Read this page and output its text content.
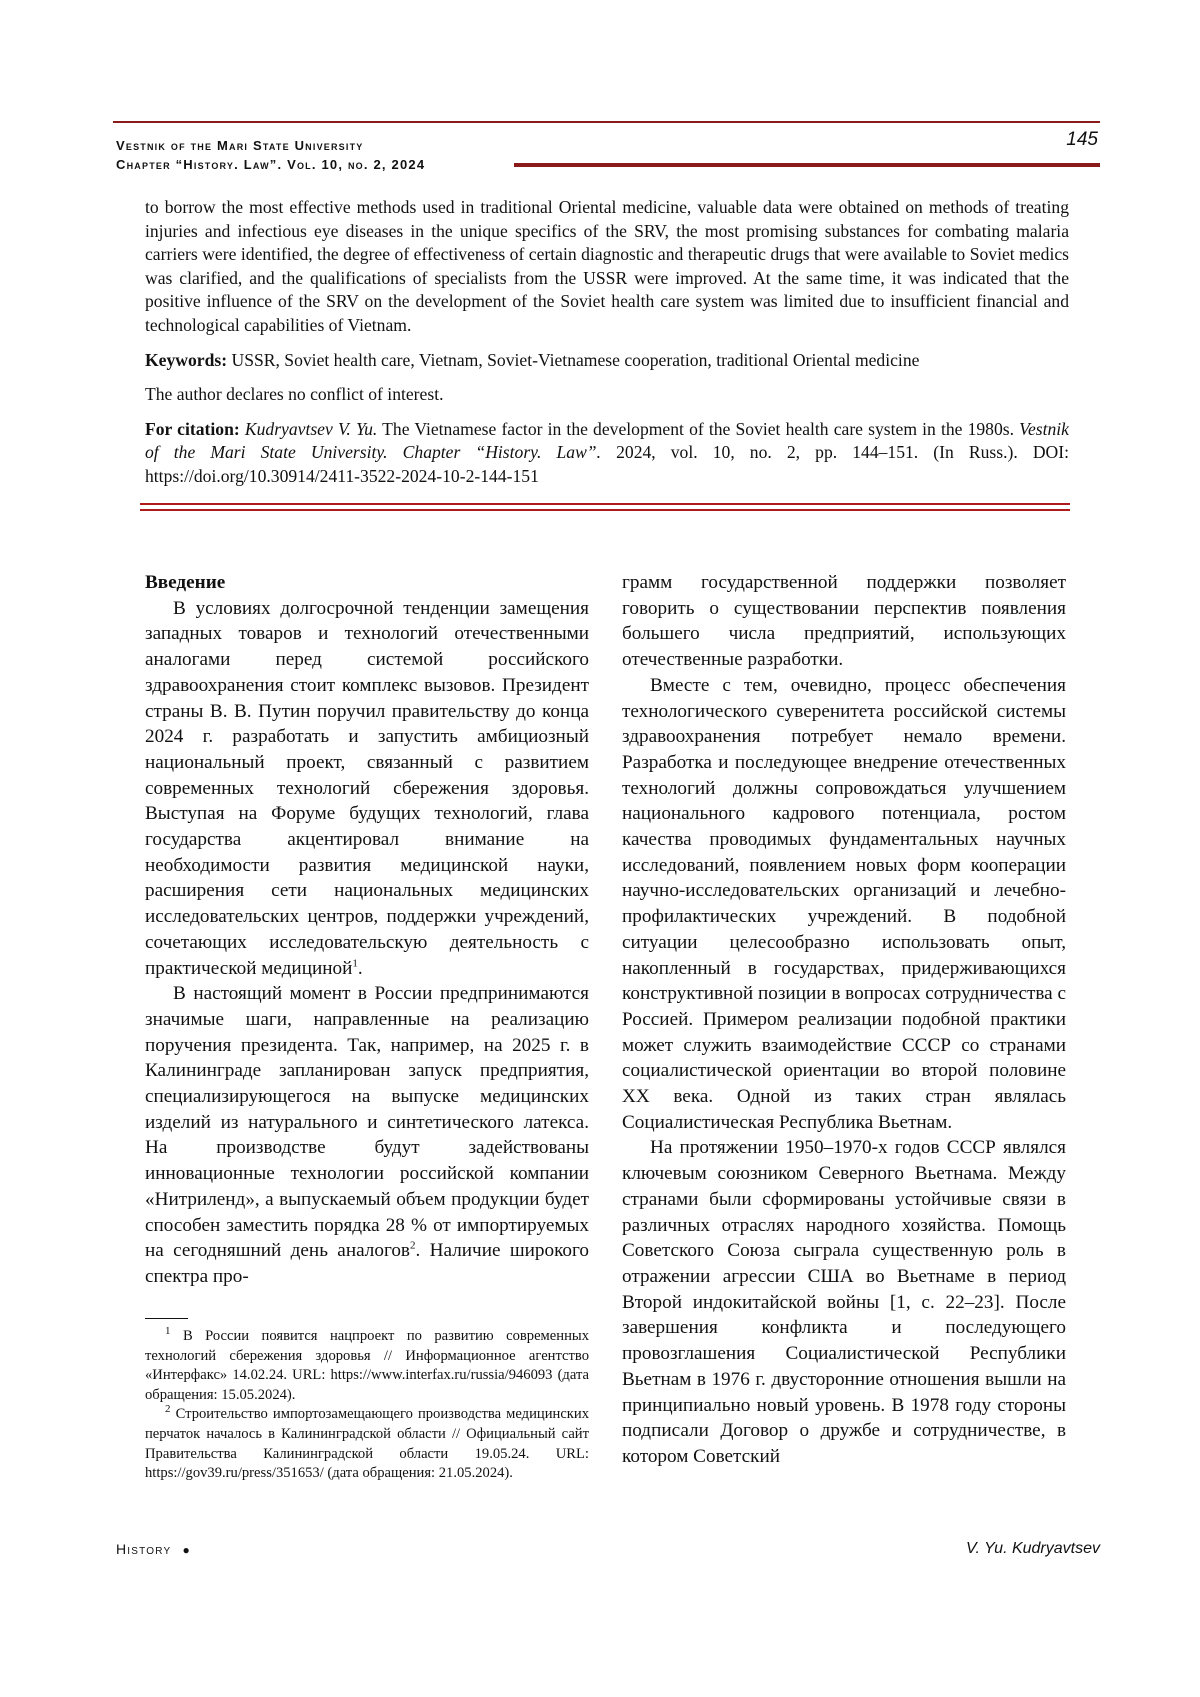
Vestnik of the Mari State University
Chapter “History. Law”. Vol. 10, no. 2, 2024
145

to borrow the most effective methods used in traditional Oriental medicine, valuable data were obtained on methods of treating injuries and infectious eye diseases in the unique specifics of the SRV, the most promising substances for combating malaria carriers were identified, the degree of effectiveness of certain diagnostic and therapeutic drugs that were available to Soviet medics was clarified, and the qualifications of specialists from the USSR were improved. At the same time, it was indicated that the positive influence of the SRV on the development of the Soviet health care system was limited due to insufficient financial and technological capabilities of Vietnam.

Keywords: USSR, Soviet health care, Vietnam, Soviet-Vietnamese cooperation, traditional Oriental medicine

The author declares no conflict of interest.

For citation: Kudryavtsev V. Yu. The Vietnamese factor in the development of the Soviet health care system in the 1980s. Vestnik of the Mari State University. Chapter “History. Law”. 2024, vol. 10, no. 2, pp. 144–151. (In Russ.). DOI: https://doi.org/10.30914/2411-3522-2024-10-2-144-151

Введение

В условиях долгосрочной тенденции замещения западных товаров и технологий отечественными аналогами перед системой российского здравоохранения стоит комплекс вызовов. Президент страны В. В. Путин поручил правительству до конца 2024 г. разработать и запустить амбициозный национальный проект, связанный с развитием современных технологий сбережения здоровья. Выступая на Форуме будущих технологий, глава государства акцентировал внимание на необходимости развития медицинской науки, расширения сети национальных медицинских исследовательских центров, поддержки учреждений, сочетающих исследовательскую деятельность с практической медициной$^1$.

В настоящий момент в России предпринимаются значимые шаги, направленные на реализацию поручения президента. Так, например, на 2025 г. в Калининграде запланирован запуск предприятия, специализирующегося на выпуске медицинских изделий из натурального и синтетического латекса. На производстве будут задействованы инновационные технологии российской компании «Нитриленд», а выпускаемый объем продукции будет способен заместить порядка 28 % от импортируемых на сегодняшний день аналогов$^2$. Наличие широкого спектра про-

грамм государственной поддержки позволяет говорить о существовании перспектив появления большего числа предприятий, использующих отечественные разработки.

Вместе с тем, очевидно, процесс обеспечения технологического суверенитета российской системы здравоохранения потребует немало времени. Разработка и последующее внедрение отечественных технологий должны сопровождаться улучшением национального кадрового потенциала, ростом качества проводимых фундаментальных научных исследований, появлением новых форм кооперации научно-исследовательских организаций и лечебно-профилактических учреждений. В подобной ситуации целесообразно использовать опыт, накопленный в государствах, придерживающихся конструктивной позиции в вопросах сотрудничества с Россией. Примером реализации подобной практики может служить взаимодействие СССР со странами социалистической ориентации во второй половине XX века. Одной из таких стран являлась Социалистическая Республика Вьетнам.

На протяжении 1950–1970-х годов СССР являлся ключевым союзником Северного Вьетнама. Между странами были сформированы устойчивые связи в различных отраслях народного хозяйства. Помощь Советского Союза сыграла существенную роль в отражении агрессии США во Вьетнаме в период Второй индокитайской войны [1, с. 22–23]. После завершения конфликта и последующего провозглашения Социалистической Республики Вьетнам в 1976 г. двусторонние отношения вышли на принципиально новый уровень. В 1978 году стороны подписали Договор о дружбе и сотрудничестве, в котором Советский

$^1$ В России появится нацпроект по развитию современных технологий сбережения здоровья // Информационное агентство «Интерфакс» 14.02.24. URL: https://www.interfax.ru/russia/946093 (дата обращения: 15.05.2024).

$^2$ Строительство импортозамещающего производства медицинских перчаток началось в Калининградской области // Официальный сайт Правительства Калининградской области 19.05.24. URL: https://gov39.ru/press/351653/ (дата обращения: 21.05.2024).

History ●	V. Yu. Kudryavtsev
